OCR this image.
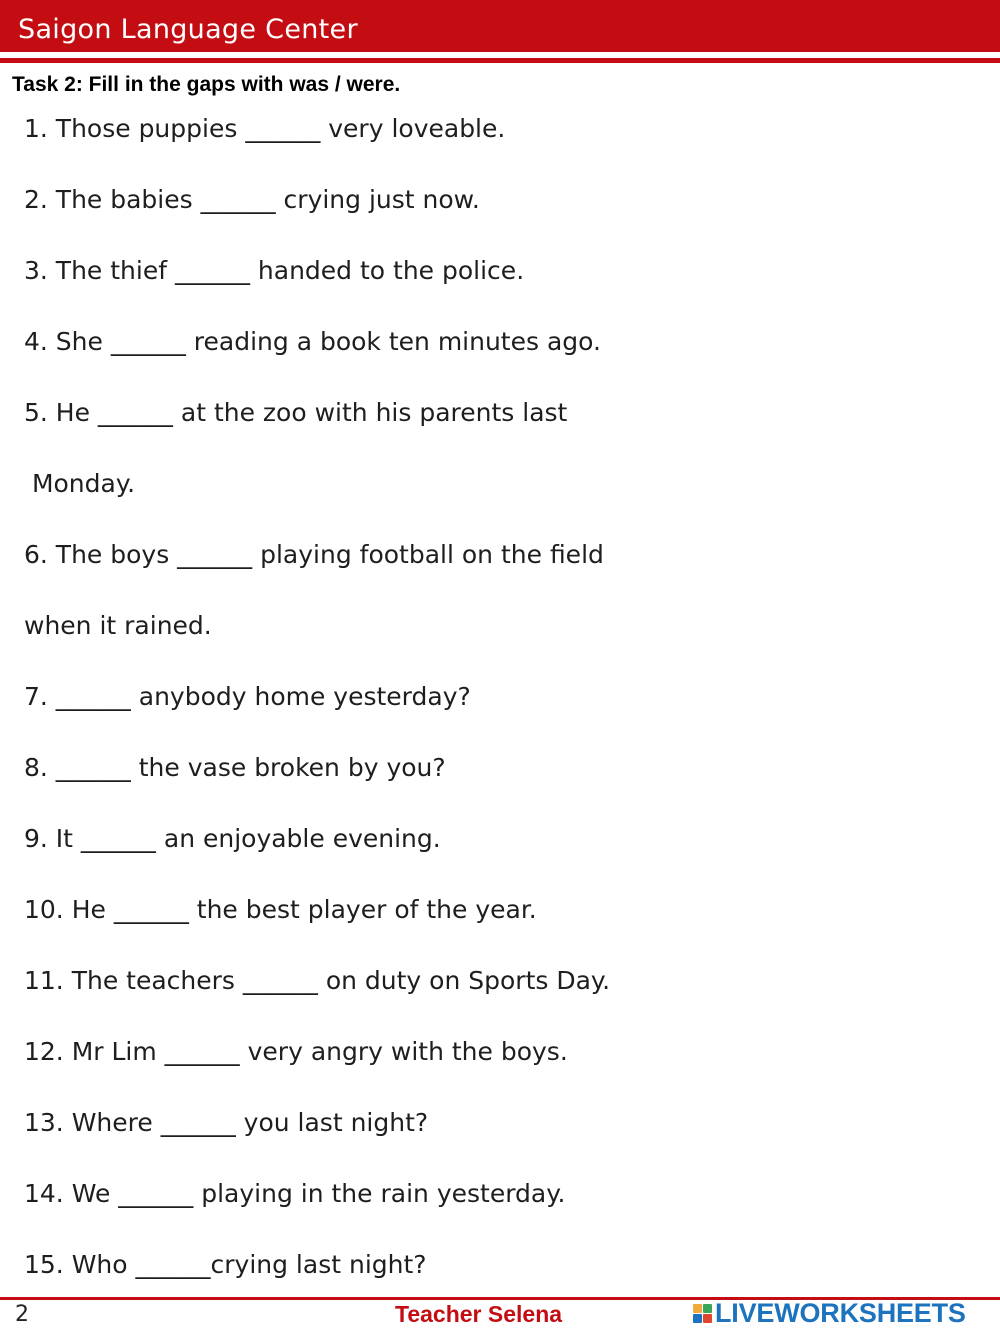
Saigon Language Center
Task 2: Fill in the gaps with was / were.
1. Those puppies ______ very loveable.
2. The babies ______ crying just now.
3. The thief ______ handed to the police.
4. She ______ reading a book ten minutes ago.
5. He ______ at the zoo with his parents last
Monday.
6. The boys ______ playing football on the field
when it rained.
7. ______ anybody home yesterday?
8. ______ the vase broken by you?
9. It ______ an enjoyable evening.
10. He ______ the best player of the year.
11. The teachers ______ on duty on Sports Day.
12. Mr Lim ______ very angry with the boys.
13. Where ______ you last night?
14. We ______ playing in the rain yesterday.
15. Who ______crying last night?
2	Teacher Selena	LIVEWORKSHEETS
